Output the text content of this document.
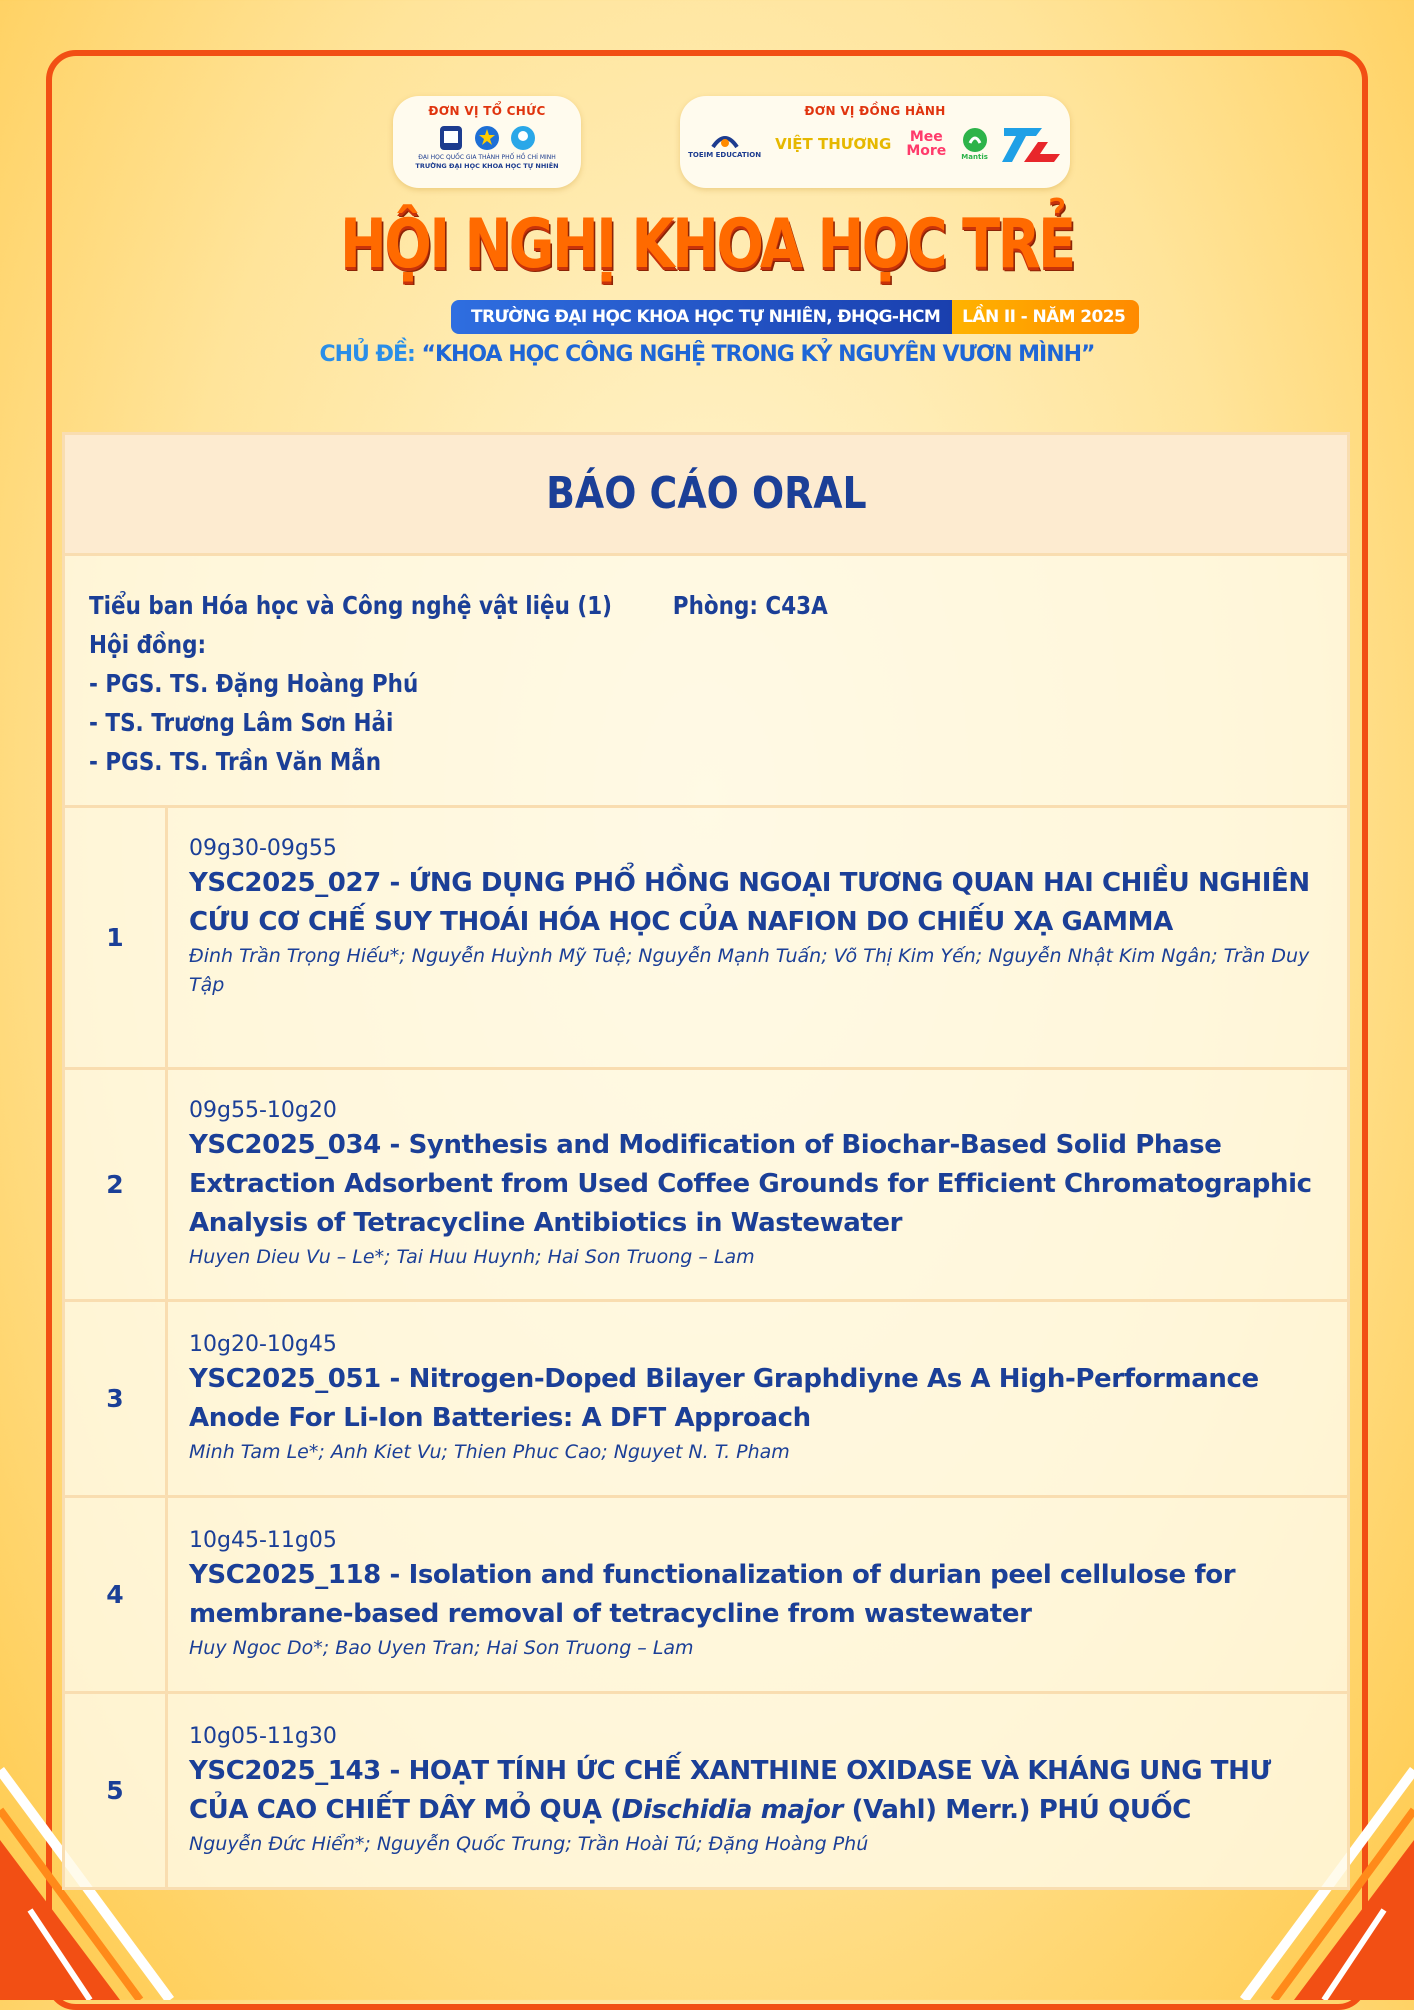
ĐƠN VỊ TỔ CHỨC
ĐẠI HỌC QUỐC GIA THÀNH PHỐ HỒ CHÍ MINH
TRƯỜNG ĐẠI HỌC KHOA HỌC TỰ NHIÊN
ĐƠN VỊ ĐỒNG HÀNH
TOEIM EDUCATION
VIỆT THƯƠNG	Mee More Mantis
HỘI NGHỊ KHOA HỌC TRẺ
TRƯỜNG ĐẠI HỌC KHOA HỌC TỰ NHIÊN, ĐHQG-HCM	LẦN II - NĂM 2025
CHỦ ĐỀ: “KHOA HỌC CÔNG NGHỆ TRONG KỶ NGUYÊN VƯƠN MÌNH”
BÁO CÁO ORAL
Tiểu ban Hóa học và Công nghệ vật liệu (1) Phòng: C43A
Hội đồng:
- PGS. TS. Đặng Hoàng Phú
- TS. Trương Lâm Sơn Hải
- PGS. TS. Trần Văn Mẫn
1
09g30-09g55
YSC2025_027 - ỨNG DỤNG PHỔ HỒNG NGOẠI TƯƠNG QUAN HAI CHIỀU NGHIÊN CỨU CƠ CHẾ SUY THOÁI HÓA HỌC CỦA NAFION DO CHIẾU XẠ GAMMA
Đinh Trần Trọng Hiếu*; Nguyễn Huỳnh Mỹ Tuệ; Nguyễn Mạnh Tuấn; Võ Thị Kim Yến; Nguyễn Nhật Kim Ngân; Trần Duy Tập
2
09g55-10g20
YSC2025_034 - Synthesis and Modification of Biochar-Based Solid Phase Extraction Adsorbent from Used Coffee Grounds for Efficient Chromatographic Analysis of Tetracycline Antibiotics in Wastewater
Huyen Dieu Vu – Le*; Tai Huu Huynh; Hai Son Truong – Lam
3
10g20-10g45
YSC2025_051 - Nitrogen-Doped Bilayer Graphdiyne As A High-Performance Anode For Li-Ion Batteries: A DFT Approach
Minh Tam Le*; Anh Kiet Vu; Thien Phuc Cao; Nguyet N. T. Pham
4
10g45-11g05
YSC2025_118 - Isolation and functionalization of durian peel cellulose for membrane-based removal of tetracycline from wastewater
Huy Ngoc Do*; Bao Uyen Tran; Hai Son Truong – Lam
5
10g05-11g30
YSC2025_143 - HOẠT TÍNH ỨC CHẾ XANTHINE OXIDASE VÀ KHÁNG UNG THƯ CỦA CAO CHIẾT DÂY MỎ QUẠ (Dischidia major (Vahl) Merr.) PHÚ QUỐC
Nguyễn Đức Hiển*; Nguyễn Quốc Trung; Trần Hoài Tú; Đặng Hoàng Phú
